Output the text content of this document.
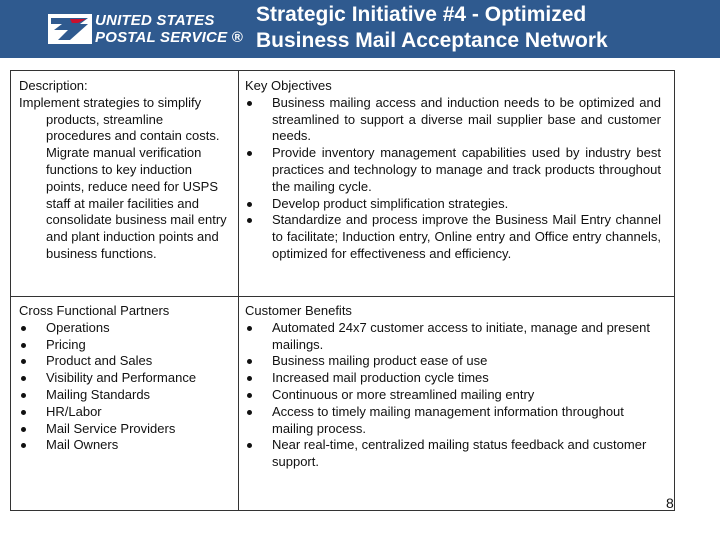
UNITED STATES
POSTAL SERVICE ®
Strategic Initiative #4 - Optimized
Business Mail Acceptance Network
Description:
Implement strategies to simplify products, streamline procedures and contain costs. Migrate manual verification functions to key induction points, reduce need for USPS staff at mailer facilities and consolidate business mail entry and plant induction points and business functions.
Key Objectives
Business mailing access and induction needs to be optimized and streamlined to support a diverse mail supplier base and customer needs.
Provide inventory management capabilities used by industry best practices and technology to manage and track products throughout the mailing cycle.
Develop product simplification strategies.
Standardize and process improve the Business Mail Entry channel to facilitate; Induction entry, Online entry and Office entry channels, optimized for effectiveness and efficiency.
Cross Functional Partners
Operations
Pricing
Product and Sales
Visibility and Performance
Mailing Standards
HR/Labor
Mail Service Providers
Mail Owners
Customer Benefits
Automated 24x7 customer access to initiate, manage and present mailings.
Business mailing product ease of use
Increased mail production cycle times
Continuous or more streamlined mailing entry
Access to timely mailing management information throughout mailing process.
Near real-time, centralized mailing status feedback and customer support.
8
